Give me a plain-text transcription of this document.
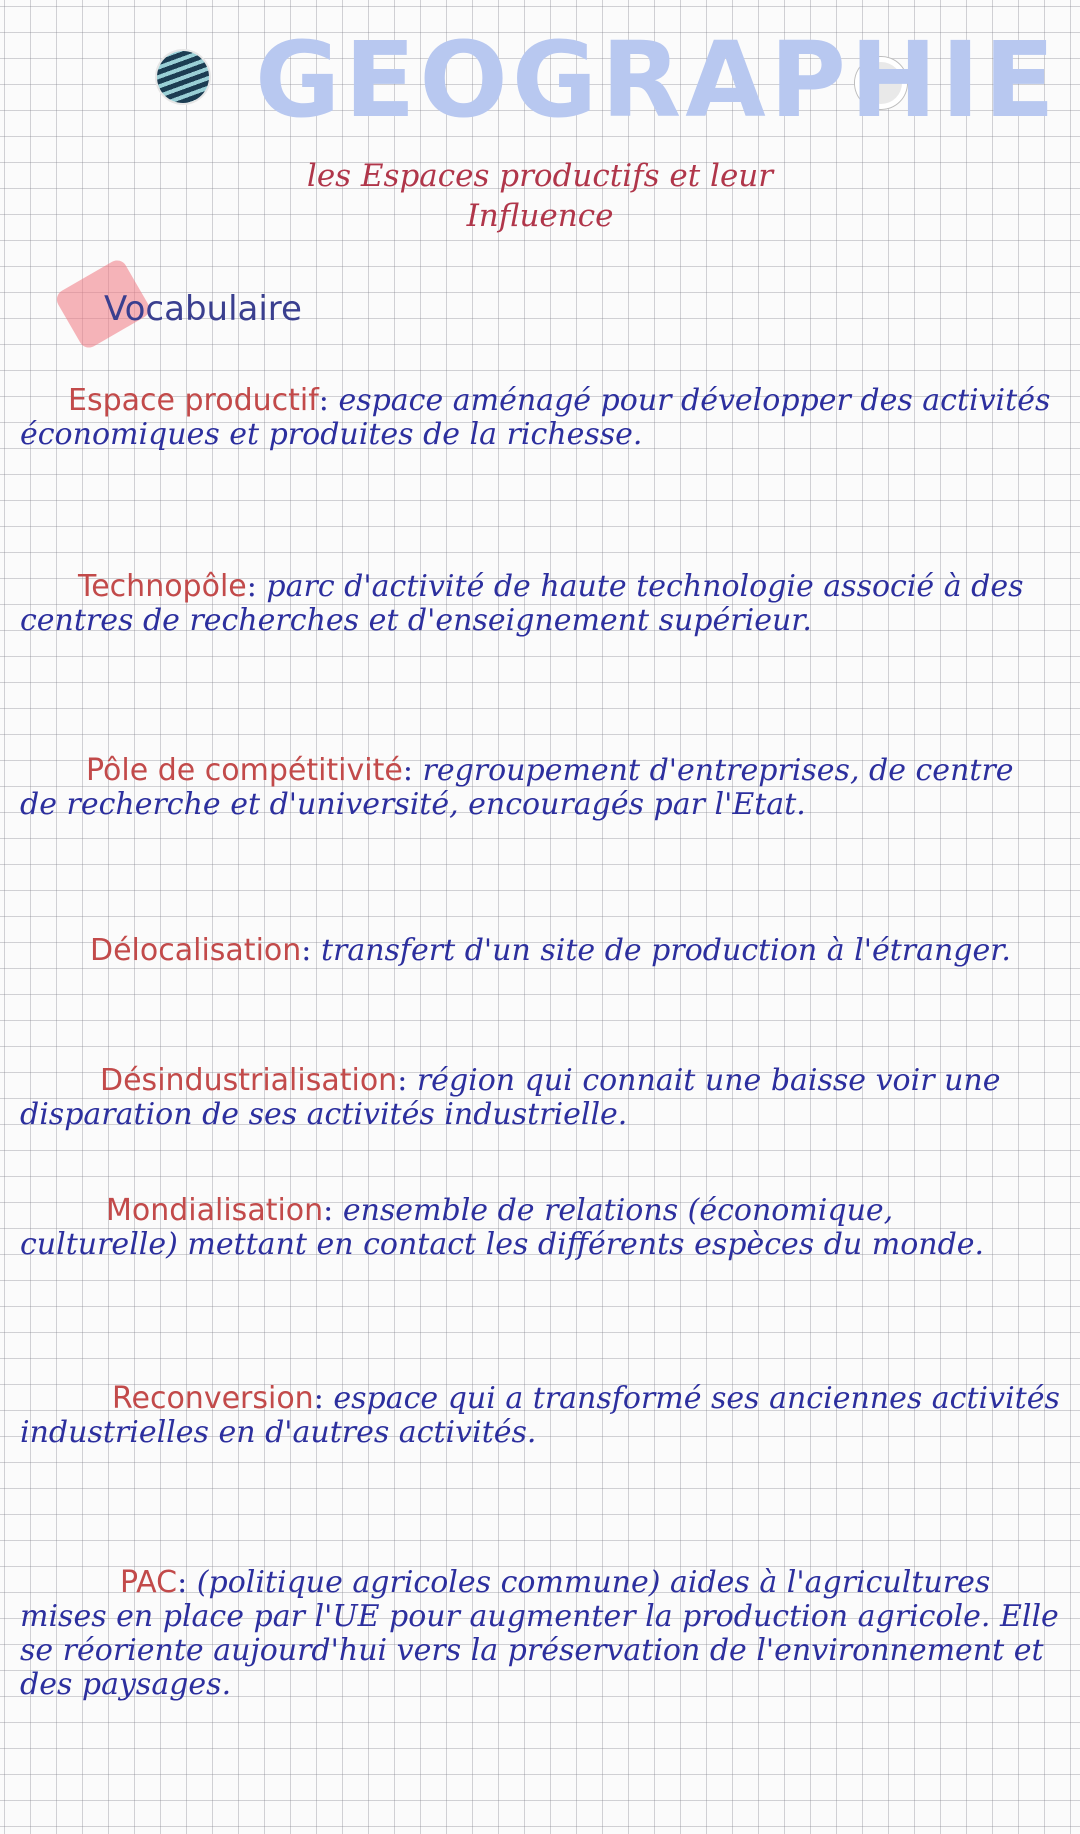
GEOGRAPHIE
les Espaces productifs et leur Influence
Vocabulaire
Espace productif: espace aménagé pour développer des activités économiques et produites de la richesse.
Technopôle: parc d'activité de haute technologie associé à des centres de recherches et d'enseignement supérieur.
Pôle de compétitivité: regroupement d'entreprises, de centre de recherche et d'université, encouragés par l'Etat.
Délocalisation: transfert d'un site de production à l'étranger.
Désindustrialisation: région qui connait une baisse voir une disparation de ses activités industrielle.
Mondialisation: ensemble de relations (économique, culturelle) mettant en contact les différents espèces du monde.
Reconversion: espace qui a transformé ses anciennes activités industrielles en d'autres activités.
PAC: (politique agricoles commune) aides à l'agricultures mises en place par l'UE pour augmenter la production agricole. Elle se réoriente aujourd'hui vers la préservation de l'environnement et des paysages.
